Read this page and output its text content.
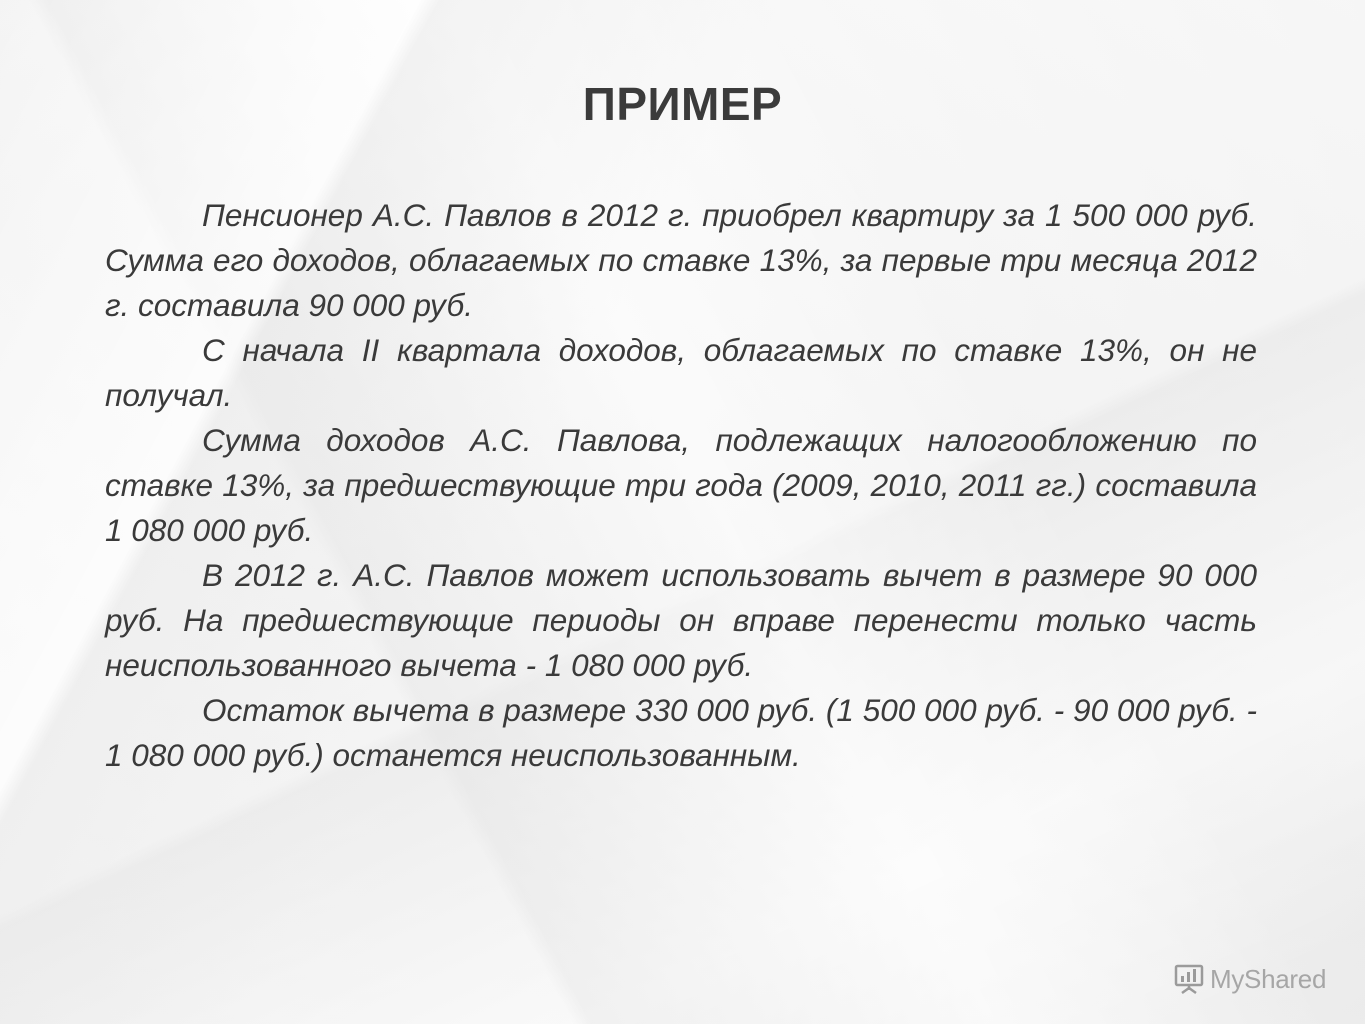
ПРИМЕР

Пенсионер А.С. Павлов в 2012 г. приобрел квартиру за 1 500 000 руб. Сумма его доходов, облагаемых по ставке 13%, за первые три месяца 2012 г. составила 90 000 руб.

С начала II квартала доходов, облагаемых по ставке 13%, он не получал.

Сумма доходов А.С. Павлова, подлежащих налогообложению по ставке 13%, за предшествующие три года (2009, 2010, 2011 гг.) составила 1 080 000 руб.

В 2012 г. А.С. Павлов может использовать вычет в размере 90 000 руб. На предшествующие периоды он вправе перенести только часть неиспользованного вычета - 1 080 000 руб.

Остаток вычета в размере 330 000 руб. (1 500 000 руб. - 90 000 руб. - 1 080 000 руб.) останется неиспользованным.

MyShared
